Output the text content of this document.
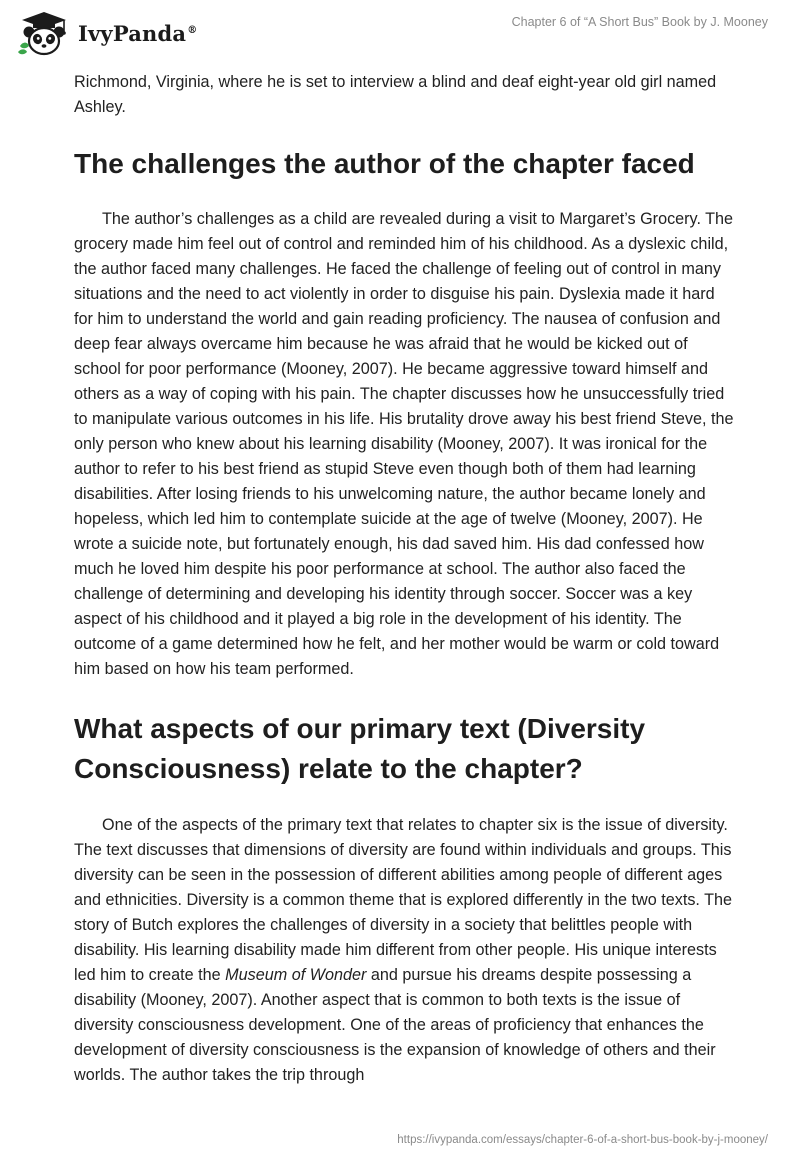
IvyPanda®
Chapter 6 of “A Short Bus” Book by J. Mooney

Richmond, Virginia, where he is set to interview a blind and deaf eight-year old girl named Ashley.

The challenges the author of the chapter faced

The author’s challenges as a child are revealed during a visit to Margaret’s Grocery. The grocery made him feel out of control and reminded him of his childhood. As a dyslexic child, the author faced many challenges. He faced the challenge of feeling out of control in many situations and the need to act violently in order to disguise his pain. Dyslexia made it hard for him to understand the world and gain reading proficiency. The nausea of confusion and deep fear always overcame him because he was afraid that he would be kicked out of school for poor performance (Mooney, 2007). He became aggressive toward himself and others as a way of coping with his pain. The chapter discusses how he unsuccessfully tried to manipulate various outcomes in his life. His brutality drove away his best friend Steve, the only person who knew about his learning disability (Mooney, 2007). It was ironical for the author to refer to his best friend as stupid Steve even though both of them had learning disabilities. After losing friends to his unwelcoming nature, the author became lonely and hopeless, which led him to contemplate suicide at the age of twelve (Mooney, 2007). He wrote a suicide note, but fortunately enough, his dad saved him. His dad confessed how much he loved him despite his poor performance at school. The author also faced the challenge of determining and developing his identity through soccer. Soccer was a key aspect of his childhood and it played a big role in the development of his identity. The outcome of a game determined how he felt, and her mother would be warm or cold toward him based on how his team performed.

What aspects of our primary text (Diversity Consciousness) relate to the chapter?

One of the aspects of the primary text that relates to chapter six is the issue of diversity. The text discusses that dimensions of diversity are found within individuals and groups. This diversity can be seen in the possession of different abilities among people of different ages and ethnicities. Diversity is a common theme that is explored differently in the two texts. The story of Butch explores the challenges of diversity in a society that belittles people with disability. His learning disability made him different from other people. His unique interests led him to create the Museum of Wonder and pursue his dreams despite possessing a disability (Mooney, 2007). Another aspect that is common to both texts is the issue of diversity consciousness development. One of the areas of proficiency that enhances the development of diversity consciousness is the expansion of knowledge of others and their worlds. The author takes the trip through

https://ivypanda.com/essays/chapter-6-of-a-short-bus-book-by-j-mooney/
